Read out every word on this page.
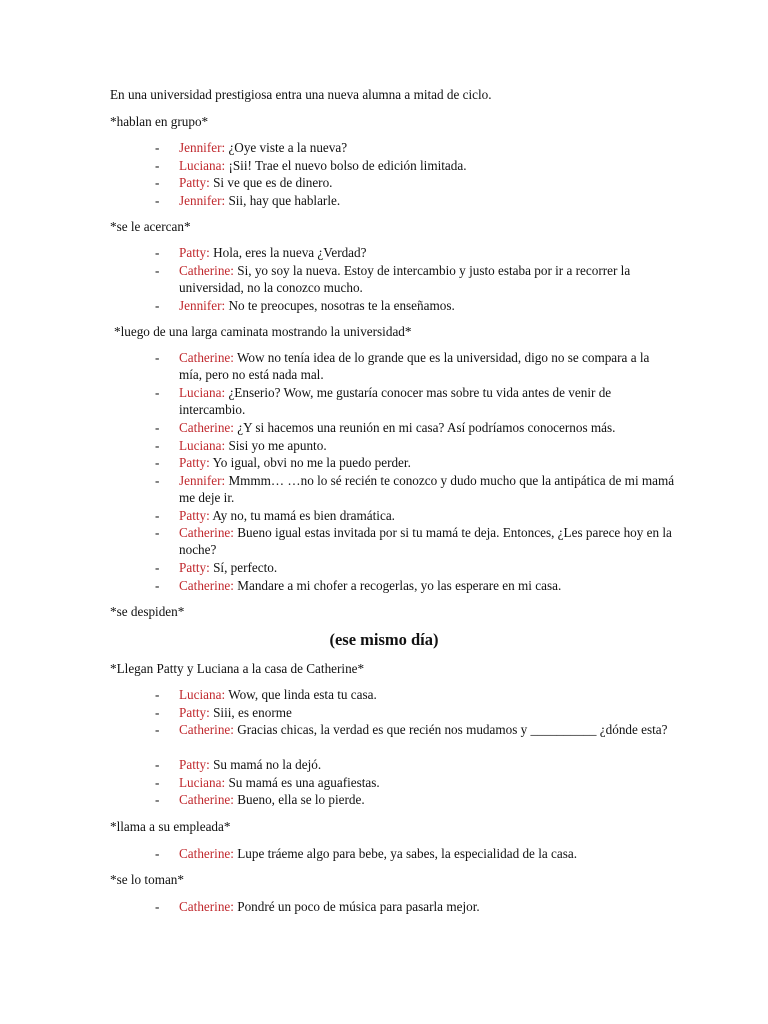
En una universidad prestigiosa entra una nueva alumna a mitad de ciclo.
*hablan en grupo*
- Jennifer: ¿Oye viste a la nueva?
- Luciana: ¡Sii! Trae el nuevo bolso de edición limitada.
- Patty: Si ve que es de dinero.
- Jennifer: Sii, hay que hablarle.
*se le acercan*
- Patty: Hola, eres la nueva ¿Verdad?
- Catherine: Si, yo soy la nueva. Estoy de intercambio y justo estaba por ir a recorrer la universidad, no la conozco mucho.
- Jennifer: No te preocupes, nosotras te la enseñamos.
*luego de una larga caminata mostrando la universidad*
- Catherine: Wow no tenía idea de lo grande que es la universidad, digo no se compara a la mía, pero no está nada mal.
- Luciana: ¿Enserio? Wow, me gustaría conocer mas sobre tu vida antes de venir de intercambio.
- Catherine: ¿Y si hacemos una reunión en mi casa? Así podríamos conocernos más.
- Luciana: Sisi yo me apunto.
- Patty: Yo igual, obvi no me la puedo perder.
- Jennifer: Mmmm… …no lo sé recién te conozco y dudo mucho que la antipática de mi mamá me deje ir.
- Patty: Ay no, tu mamá es bien dramática.
- Catherine: Bueno igual estas invitada por si tu mamá te deja. Entonces, ¿Les parece hoy en la noche?
- Patty: Sí, perfecto.
- Catherine: Mandare a mi chofer a recogerlas, yo las esperare en mi casa.
*se despiden*
(ese mismo día)
*Llegan Patty y Luciana a la casa de Catherine*
- Luciana: Wow, que linda esta tu casa.
- Patty: Siii, es enorme
- Catherine: Gracias chicas, la verdad es que recién nos mudamos y __________ ¿dónde esta?
- Patty: Su mamá no la dejó.
- Luciana: Su mamá es una aguafiestas.
- Catherine: Bueno, ella se lo pierde.
*llama a su empleada*
- Catherine: Lupe tráeme algo para bebe, ya sabes, la especialidad de la casa.
*se lo toman*
- Catherine: Pondré un poco de música para pasarla mejor.
